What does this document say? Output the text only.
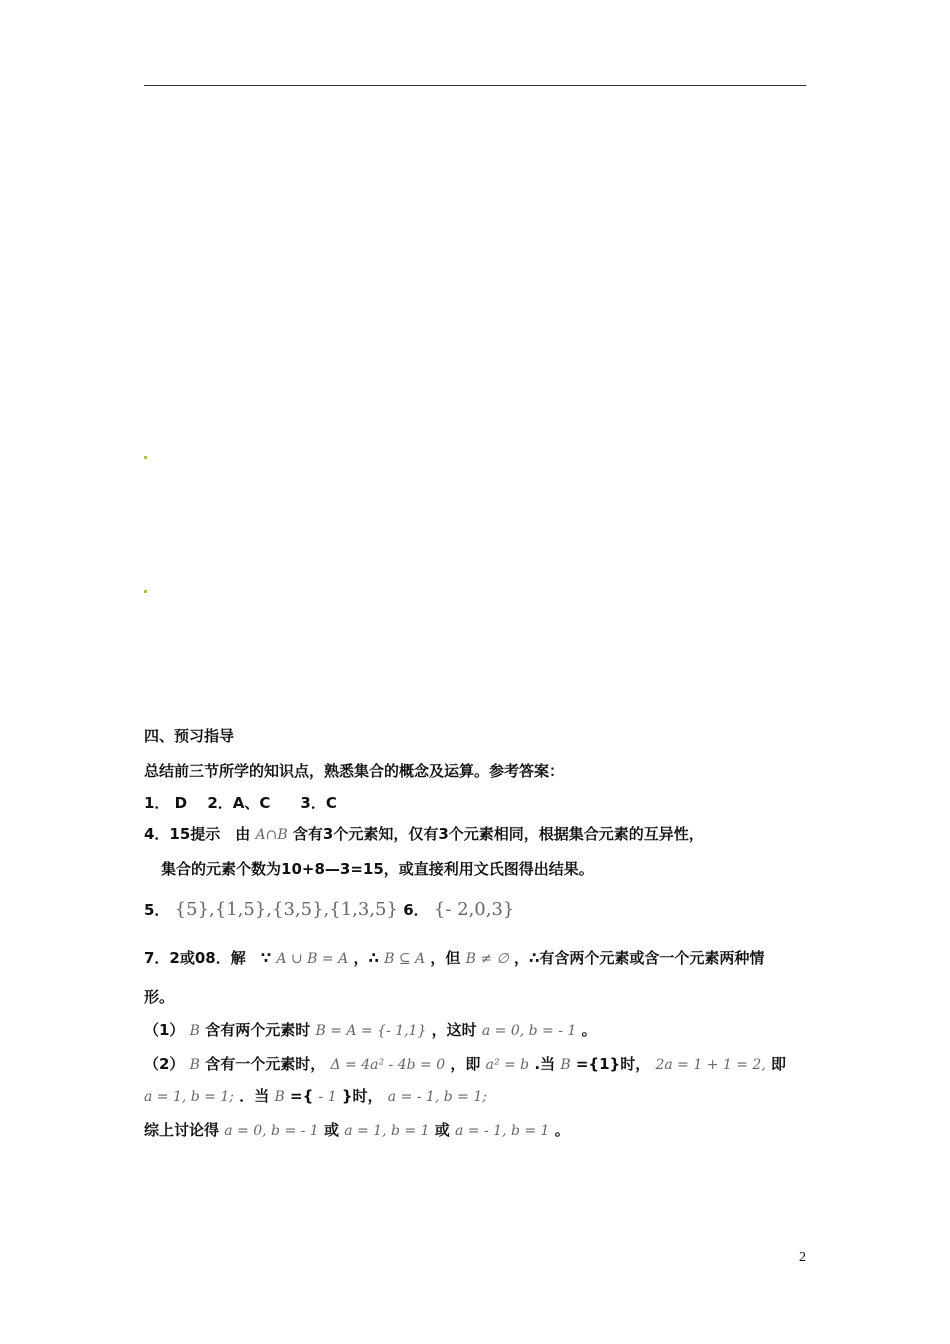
四、预习指导
总结前三节所学的知识点，熟悉集合的概念及运算。参考答案：
1． D　 2．A、C　　3．C
4．15提示　由 A∩B 含有3个元素知，仅有3个元素相同，根据集合元素的互异性，
集合的元素个数为10+8—3=15，或直接利用文氏图得出结果。
5． {5},{1,5},{3,5},{1,3,5} 6． {- 2,0,3}
7．2或08．解　∵ A ∪ B = A ，∴ B ⊆ A ，但 B ≠ ∅ ，∴有含两个元素或含一个元素两种情
形。
（1） B 含有两个元素时 B = A = {- 1,1} ，这时 a = 0, b = - 1 。
（2） B 含有一个元素时， Δ = 4a² - 4b = 0 ，即 a² = b .当 B ={1}时， 2a = 1 + 1 = 2, 即
a = 1, b = 1; ．当 B ={ - 1 }时， a = - 1, b = 1;
综上讨论得 a = 0, b = - 1 或 a = 1, b = 1 或 a = - 1, b = 1 。
2
